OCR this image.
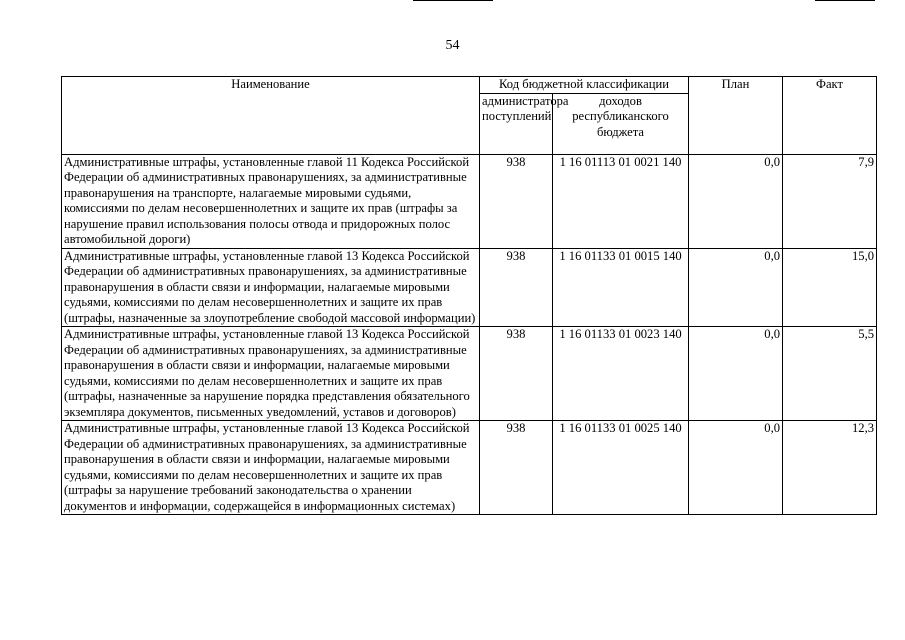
54
Наименование	Код бюджетной классификации		План	Факт
	администратора поступлений	доходов республиканского бюджета		
Административные штрафы, установленные главой 11 Кодекса Российской Федерации об административных правонарушениях, за административные правонарушения на транспорте, налагаемые мировыми судьями, комиссиями по делам несовершеннолетних и защите их прав (штрафы за нарушение правил использования полосы отвода и придорожных полос автомобильной дороги)	938	1 16 01113 01 0021 140	0,0	7,9
Административные штрафы, установленные главой 13 Кодекса Российской Федерации об административных правонарушениях, за административные правонарушения в области связи и информации, налагаемые мировыми судьями, комиссиями по делам несовершеннолетних и защите их прав (штрафы, назначенные за злоупотребление свободой массовой информации)	938	1 16 01133 01 0015 140	0,0	15,0
Административные штрафы, установленные главой 13 Кодекса Российской Федерации об административных правонарушениях, за административные правонарушения в области связи и информации, налагаемые мировыми судьями, комиссиями по делам несовершеннолетних и защите их прав (штрафы, назначенные за нарушение порядка представления обязательного экземпляра документов, письменных уведомлений, уставов и договоров)	938	1 16 01133 01 0023 140	0,0	5,5
Административные штрафы, установленные главой 13 Кодекса Российской Федерации об административных правонарушениях, за административные правонарушения в области связи и информации, налагаемые мировыми судьями, комиссиями по делам несовершеннолетних и защите их прав (штрафы за нарушение требований законодательства о хранении документов и информации, содержащейся в информационных системах)	938	1 16 01133 01 0025 140	0,0	12,3
